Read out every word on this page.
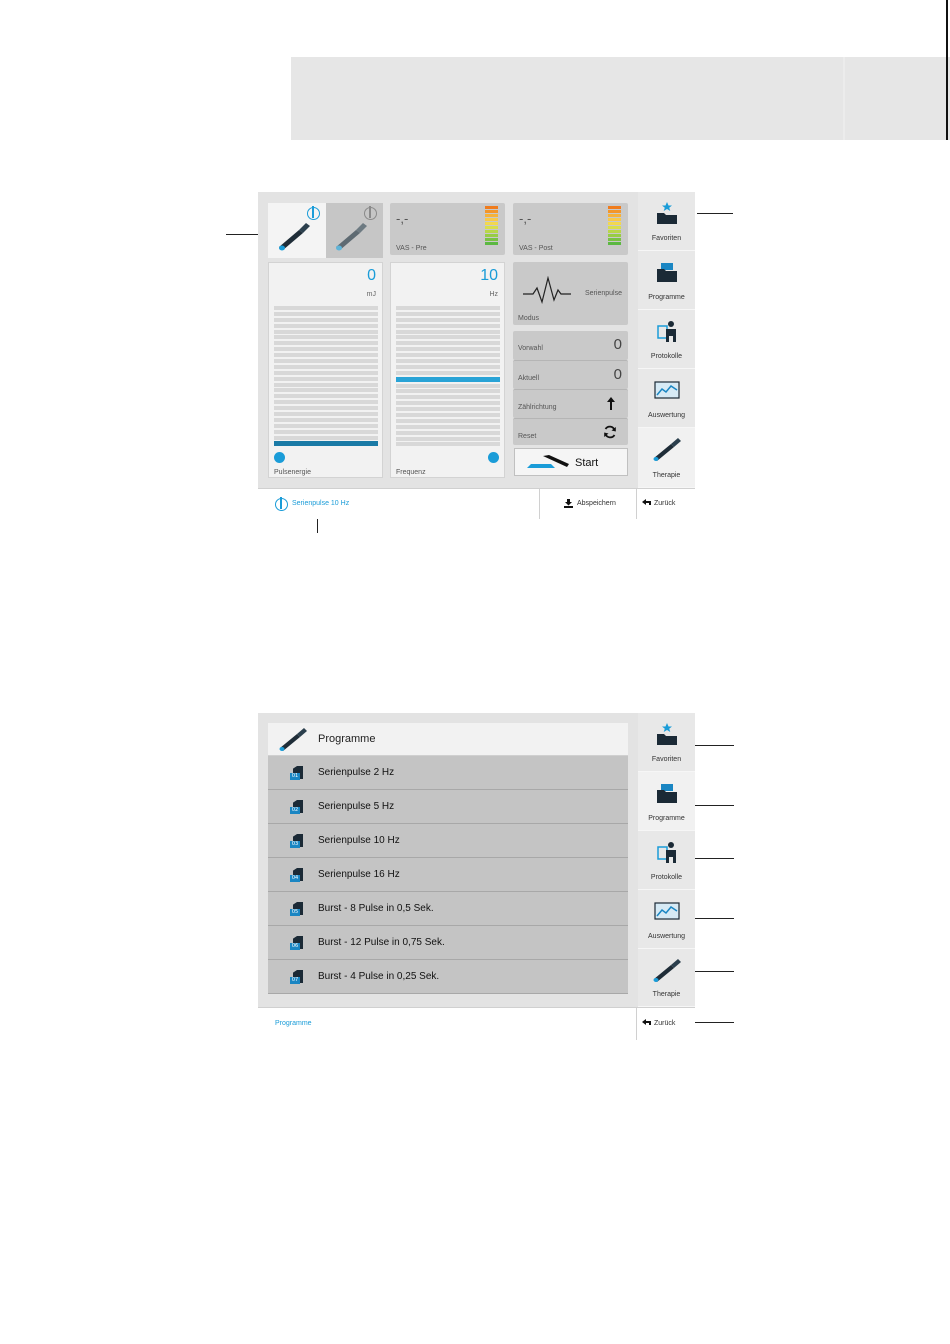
-,-
VAS - Pre
-,-
VAS - Post
0
mJ
Pulsenergie
10
Hz
Frequenz
Serienpulse
Modus
Vorwahl	0
Aktuell	0
Zählrichtung
Reset
Start
Favoriten
Programme
Protokolle
Auswertung
Therapie
Serienpulse 10 Hz	Abspeichern	Zurück
Programme
01 Serienpulse 2 Hz
02 Serienpulse 5 Hz
03 Serienpulse 10 Hz
04 Serienpulse 16 Hz
05 Burst - 8 Pulse in 0,5 Sek.
06 Burst - 12 Pulse in 0,75 Sek.
07 Burst - 4 Pulse in 0,25 Sek.
Favoriten
Programme
Protokolle
Auswertung
Therapie
Programme	Zurück
